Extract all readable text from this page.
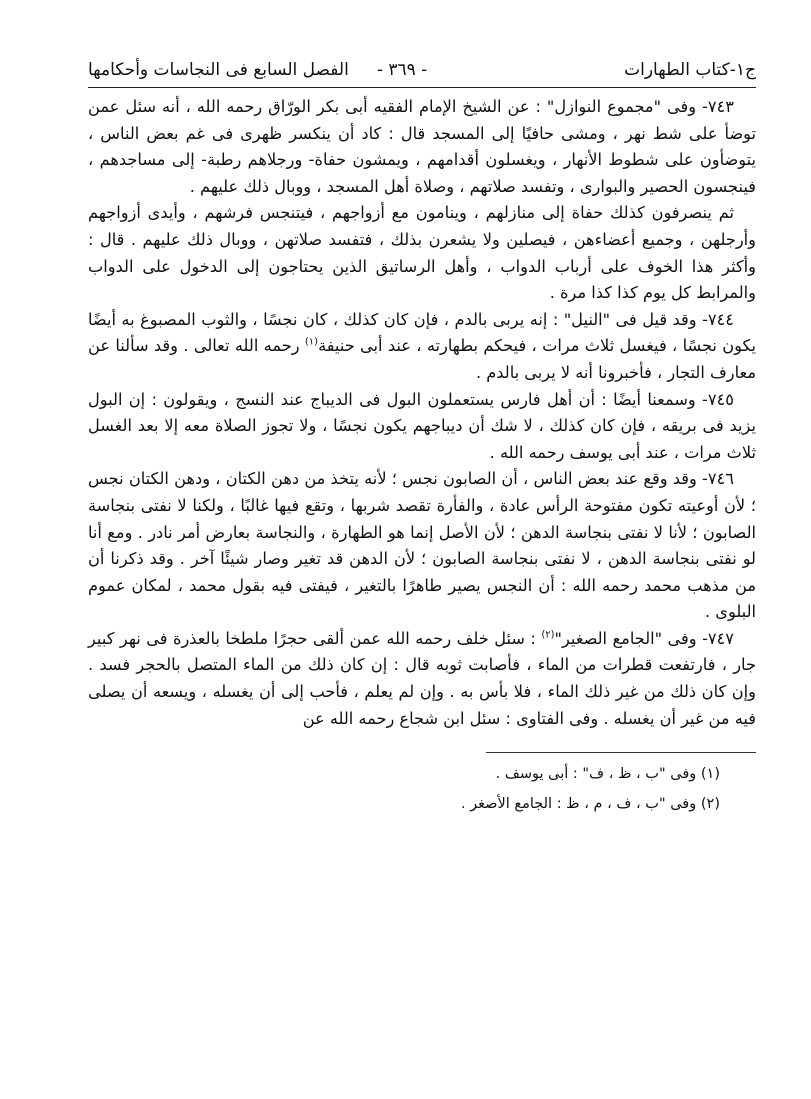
ج١-كتاب الطهارات
- ٣٦٩ -
الفصل السابع فى النجاسات وأحكامها

٧٤٣- وفى "مجموع النوازل" : عن الشيخ الإمام الفقيه أبى بكر الورّاق رحمه الله ، أنه سئل عمن توضأ على شط نهر ، ومشى حافيًا إلى المسجد قال : كاد أن ينكسر ظهرى فى غم بعض الناس ، يتوضأون على شطوط الأنهار ، ويغسلون أقدامهم ، ويمشون حفاة- ورجلاهم رطبة- إلى مساجدهم ، فينجسون الحصير والبوارى ، وتفسد صلاتهم ، وصلاة أهل المسجد ، ووبال ذلك عليهم .

ثم ينصرفون كذلك حفاة إلى منازلهم ، وينامون مع أزواجهم ، فيتنجس فرشهم ، وأيدى أزواجهم وأرجلهن ، وجميع أعضاءهن ، فيصلين ولا يشعرن بذلك ، فتفسد صلاتهن ، ووبال ذلك عليهم . قال : وأكثر هذا الخوف على أرباب الدواب ، وأهل الرساتيق الذين يحتاجون إلى الدخول على الدواب والمرابط كل يوم كذا كذا مرة .

٧٤٤- وقد قيل فى "النيل" : إنه يربى بالدم ، فإن كان كذلك ، كان نجسًا ، والثوب المصبوغ به أيضًا يكون نجسًا ، فيغسل ثلاث مرات ، فيحكم بطهارته ، عند أبى حنيفة$^{(١)}$ رحمه الله تعالى . وقد سألنا عن معارف التجار ، فأخبرونا أنه لا يربى بالدم .

٧٤٥- وسمعنا أيضًا : أن أهل فارس يستعملون البول فى الديباج عند النسج ، ويقولون : إن البول يزيد فى بريقه ، فإن كان كذلك ، لا شك أن ديباجهم يكون نجسًا ، ولا تجوز الصلاة معه إلا بعد الغسل ثلاث مرات ، عند أبى يوسف رحمه الله .

٧٤٦- وقد وقع عند بعض الناس ، أن الصابون نجس ؛ لأنه يتخذ من دهن الكتان ، ودهن الكتان نجس ؛ لأن أوعيته تكون مفتوحة الرأس عادة ، والفأرة تقصد شربها ، وتقع فيها غالبًا ، ولكنا لا نفتى بنجاسة الصابون ؛ لأنا لا نفتى بنجاسة الدهن ؛ لأن الأصل إنما هو الطهارة ، والنجاسة بعارض أمر نادر . ومع أنا لو نفتى بنجاسة الدهن ، لا نفتى بنجاسة الصابون ؛ لأن الدهن قد تغير وصار شيئًا آخر . وقد ذكرنا أن من مذهب محمد رحمه الله : أن النجس يصير طاهرًا بالتغير ، فيفتى فيه بقول محمد ، لمكان عموم البلوى .

٧٤٧- وفى "الجامع الصغير"$^{(٢)}$ : سئل خلف رحمه الله عمن ألقى حجرًا ملطخا بالعذرة فى نهر كبير جار ، فارتفعت قطرات من الماء ، فأصابت ثوبه قال : إن كان ذلك من الماء المتصل بالحجر فسد . وإن كان ذلك من غير ذلك الماء ، فلا بأس به . وإن لم يعلم ، فأحب إلى أن يغسله ، ويسعه أن يصلى فيه من غير أن يغسله . وفى الفتاوى : سئل ابن شجاع رحمه الله عن

(١) وفى "ب ، ظ ، ف" : أبى يوسف .

(٢) وفى "ب ، ف ، م ، ظ : الجامع الأصغر .
